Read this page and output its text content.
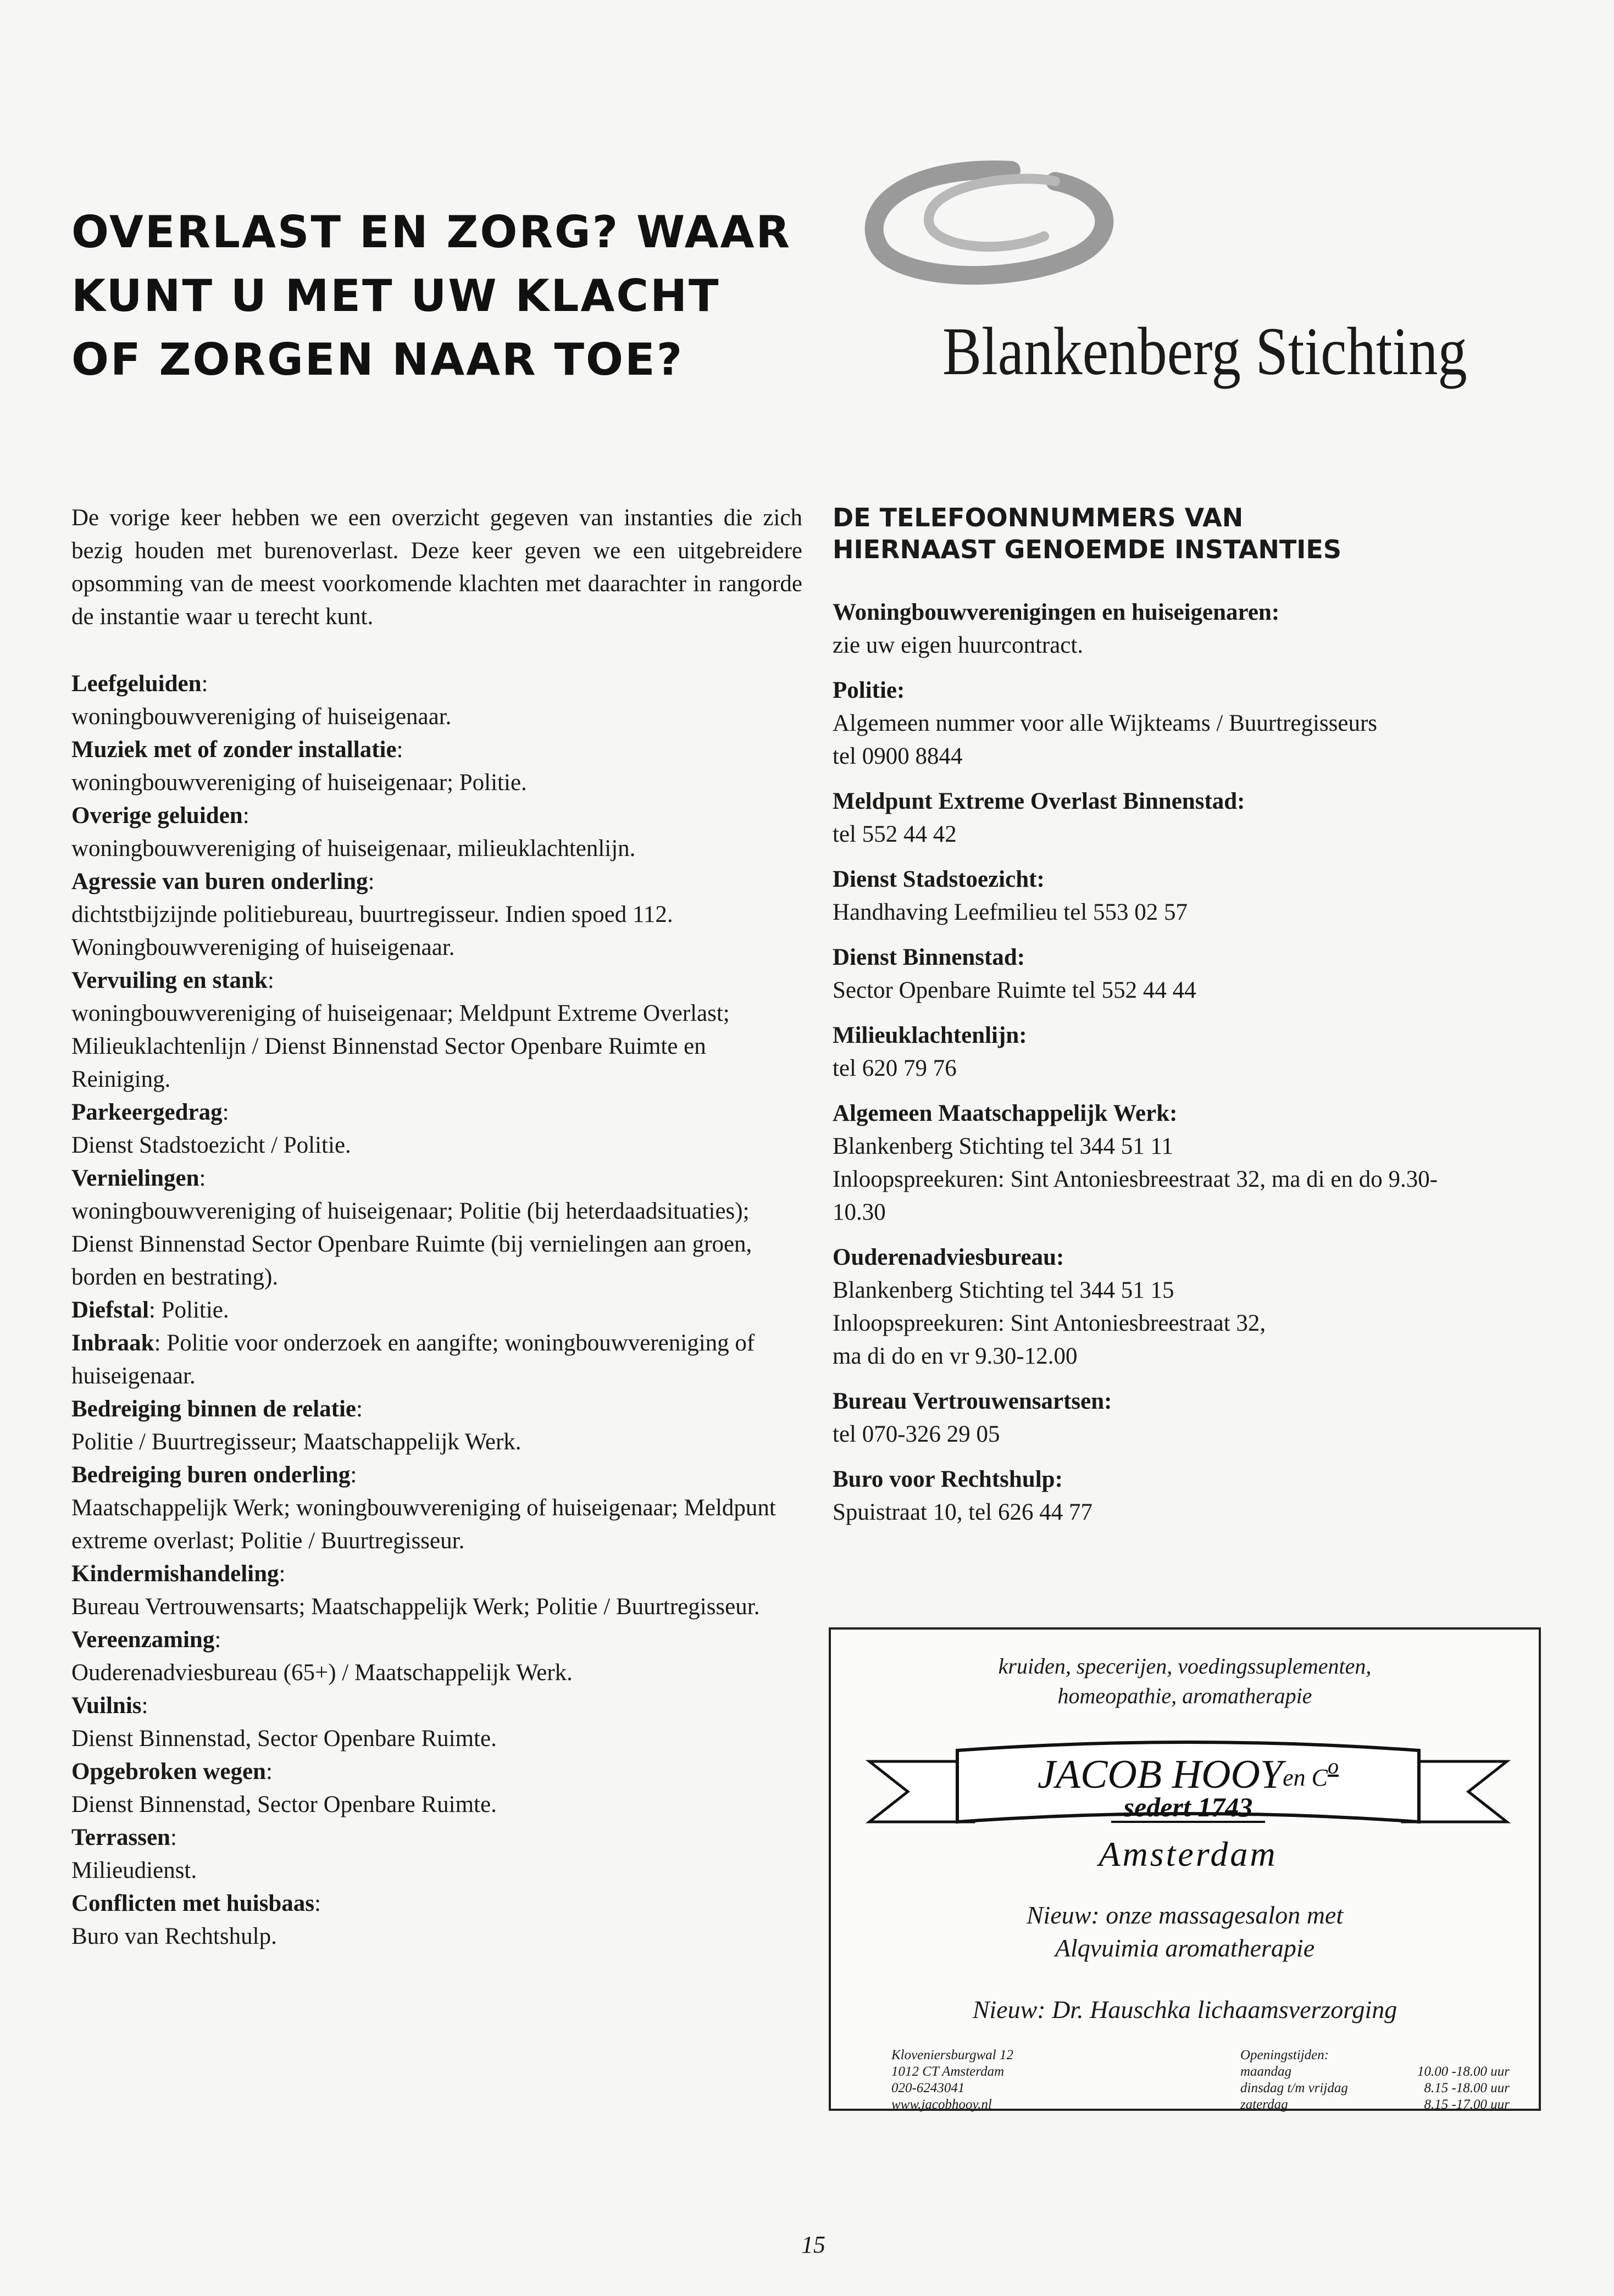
OVERLAST EN ZORG? WAAR
KUNT U MET UW KLACHT
OF ZORGEN NAAR TOE?	Blankenberg Stichting

De vorige keer hebben we een overzicht gegeven van instanties die zich bezig houden met burenoverlast. Deze keer geven we een uitgebreidere opsomming van de meest voorkomende klachten met daarachter in rangorde de instantie waar u terecht kunt.

Leefgeluiden:
woningbouwvereniging of huiseigenaar.
Muziek met of zonder installatie:
woningbouwvereniging of huiseigenaar; Politie.
Overige geluiden:
woningbouwvereniging of huiseigenaar, milieuklachtenlijn.
Agressie van buren onderling:
dichtstbijzijnde politiebureau, buurtregisseur. Indien spoed 112. Woningbouwvereniging of huiseigenaar.
Vervuiling en stank:
woningbouwvereniging of huiseigenaar; Meldpunt Extreme Overlast; Milieuklachtenlijn / Dienst Binnenstad Sector Openbare Ruimte en Reiniging.
Parkeergedrag:
Dienst Stadstoezicht / Politie.
Vernielingen:
woningbouwvereniging of huiseigenaar; Politie (bij heterdaadsituaties); Dienst Binnenstad Sector Openbare Ruimte (bij vernielingen aan groen, borden en bestrating).
Diefstal: Politie.
Inbraak: Politie voor onderzoek en aangifte; woningbouwvereniging of huiseigenaar.
Bedreiging binnen de relatie:
Politie / Buurtregisseur; Maatschappelijk Werk.
Bedreiging buren onderling:
Maatschappelijk Werk; woningbouwvereniging of huiseigenaar; Meldpunt extreme overlast; Politie / Buurtregisseur.
Kindermishandeling:
Bureau Vertrouwensarts; Maatschappelijk Werk; Politie / Buurtregisseur.
Vereenzaming:
Ouderenadviesbureau (65+) / Maatschappelijk Werk.
Vuilnis:
Dienst Binnenstad, Sector Openbare Ruimte.
Opgebroken wegen:
Dienst Binnenstad, Sector Openbare Ruimte.
Terrassen:
Milieudienst.
Conflicten met huisbaas:
Buro van Rechtshulp.
DE TELEFOONNUMMERS VAN
HIERNAAST GENOEMDE INSTANTIES
Woningbouwverenigingen en huiseigenaren:
zie uw eigen huurcontract.
Politie:
Algemeen nummer voor alle Wijkteams / Buurtregisseurs
tel 0900 8844
Meldpunt Extreme Overlast Binnenstad:
tel 552 44 42
Dienst Stadstoezicht:
Handhaving Leefmilieu tel 553 02 57
Dienst Binnenstad:
Sector Openbare Ruimte tel 552 44 44
Milieuklachtenlijn:
tel 620 79 76
Algemeen Maatschappelijk Werk:
Blankenberg Stichting tel 344 51 11
Inloopspreekuren: Sint Antoniesbreestraat 32, ma di en do 9.30-
10.30
Ouderenadviesbureau:
Blankenberg Stichting tel 344 51 15
Inloopspreekuren: Sint Antoniesbreestraat 32,
ma di do en vr 9.30-12.00
Bureau Vertrouwensartsen:
tel 070-326 29 05
Buro voor Rechtshulp:
Spuistraat 10, tel 626 44 77
kruiden, specerijen, voedingssuplementen,
homeopathie, aromatherapie
JACOB HOOYen $C^o$
sedert 1743
Amsterdam
Nieuw: onze massagesalon met
Alqvuimia aromatherapie
Nieuw: Dr. Hauschka lichaamsverzorging
Kloveniersburgwal 12
1012 CT Amsterdam
020-6243041
www.jacobhooy.nl
Openingstijden:
maandag	10.00 -18.00 uur
dinsdag t/m vrijdag	8.15 -18.00 uur
zaterdag	8.15 -17.00 uur
15
